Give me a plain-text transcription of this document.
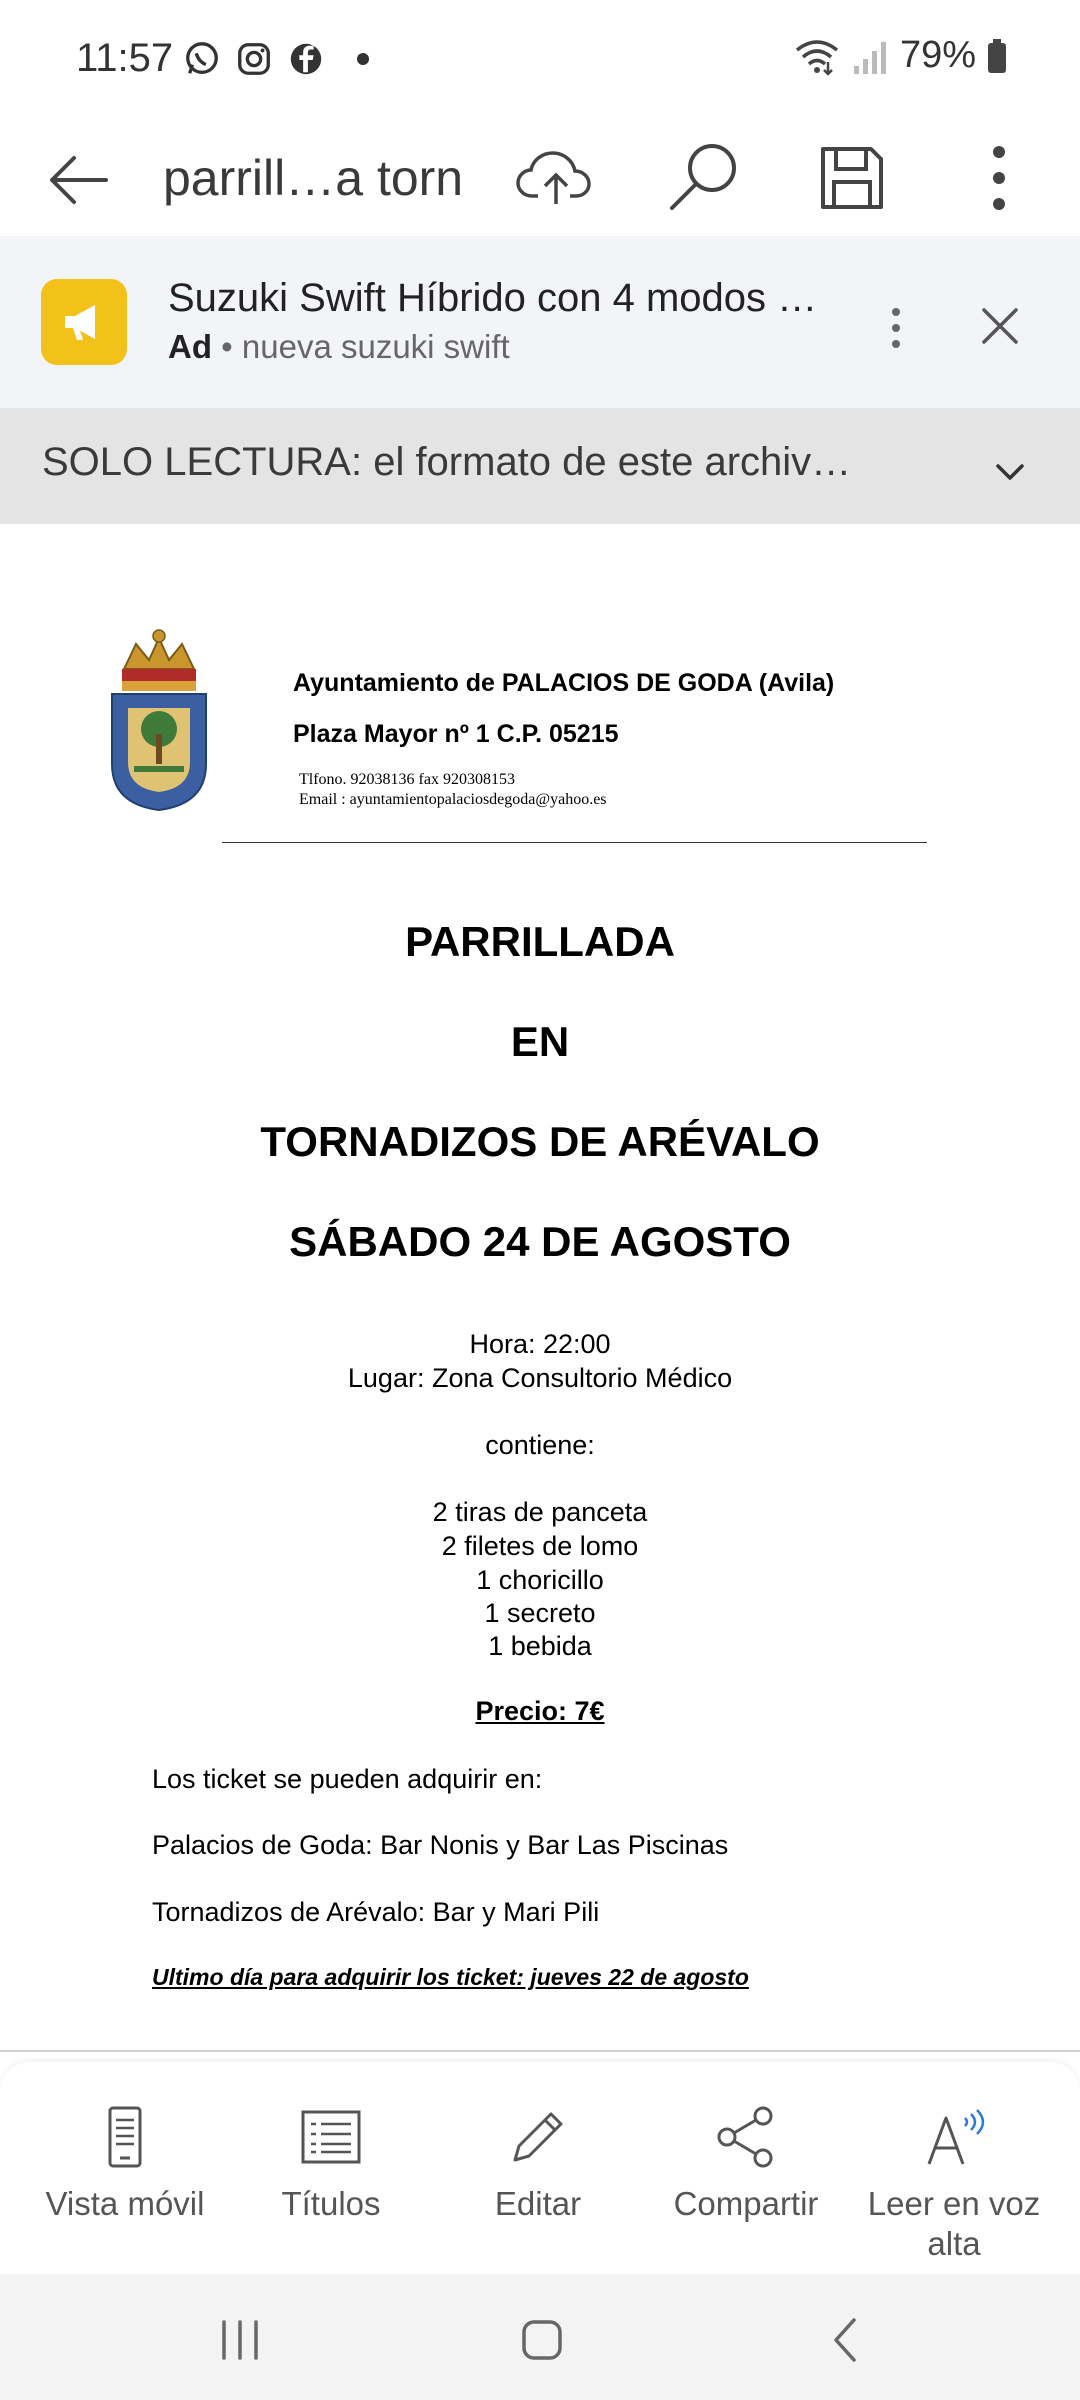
11:57	79%
parrill…a torn
Suzuki Swift Híbrido con 4 modos …
Ad • nueva suzuki swift
SOLO LECTURA: el formato de este archiv…
Ayuntamiento de PALACIOS DE GODA (Avila)
Plaza Mayor nº 1 C.P. 05215
Tlfono. 92038136 fax 920308153
Email : ayuntamientopalaciosdegoda@yahoo.es
PARRILLADA
EN
TORNADIZOS DE ARÉVALO
SÁBADO 24 DE AGOSTO
Hora: 22:00
Lugar: Zona Consultorio Médico
contiene:
2 tiras de panceta
2 filetes de lomo
1 choricillo
1 secreto
1 bebida
Precio: 7€
Los ticket se pueden adquirir en:
Palacios de Goda: Bar Nonis y Bar Las Piscinas
Tornadizos de Arévalo: Bar y Mari Pili
Ultimo día para adquirir los ticket: jueves 22 de agosto
Vista móvil	Títulos	Editar	Compartir	Leer en voz alta
